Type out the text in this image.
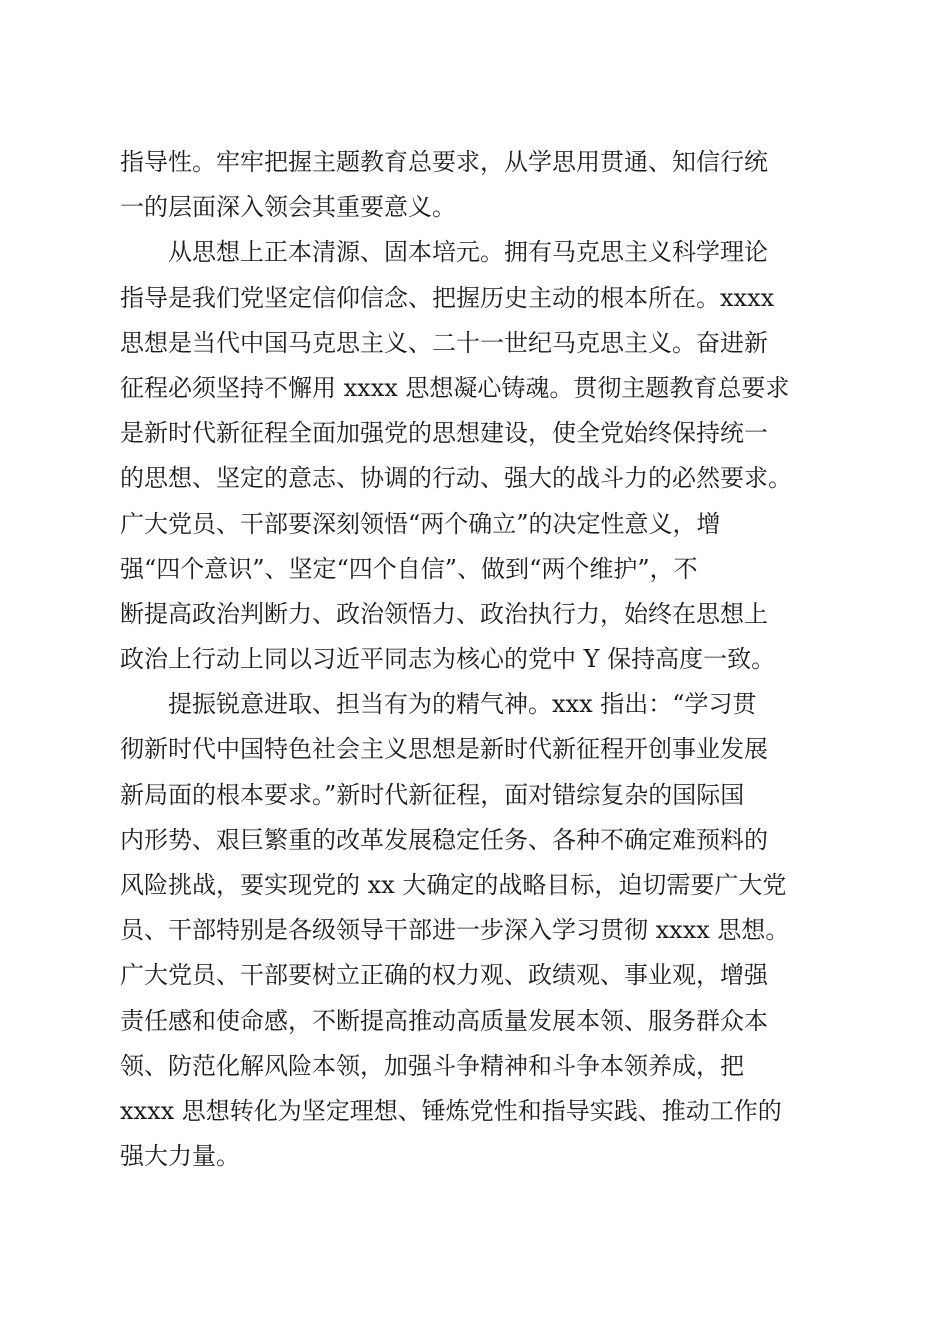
指导性。牢牢把握主题教育总要求，从学思用贯通、知信行统
一的层面深入领会其重要意义。
从思想上正本清源、固本培元。拥有马克思主义科学理论
指导是我们党坚定信仰信念、把握历史主动的根本所在。xxxx
思想是当代中国马克思主义、二十一世纪马克思主义。奋进新
征程必须坚持不懈用 xxxx 思想凝心铸魂。贯彻主题教育总要求
是新时代新征程全面加强党的思想建设，使全党始终保持统一
的思想、坚定的意志、协调的行动、强大的战斗力的必然要求。
广大党员、干部要深刻领悟“两个确立”的决定性意义，增
强“四个意识”、坚定“四个自信”、做到“两个维护”，不
断提高政治判断力、政治领悟力、政治执行力，始终在思想上
政治上行动上同以习近平同志为核心的党中 Y 保持高度一致。
提振锐意进取、担当有为的精气神。xxx 指出：“学习贯
彻新时代中国特色社会主义思想是新时代新征程开创事业发展
新局面的根本要求。”新时代新征程，面对错综复杂的国际国
内形势、艰巨繁重的改革发展稳定任务、各种不确定难预料的
风险挑战，要实现党的 xx 大确定的战略目标，迫切需要广大党
员、干部特别是各级领导干部进一步深入学习贯彻 xxxx 思想。
广大党员、干部要树立正确的权力观、政绩观、事业观，增强
责任感和使命感，不断提高推动高质量发展本领、服务群众本
领、防范化解风险本领，加强斗争精神和斗争本领养成，把
xxxx 思想转化为坚定理想、锤炼党性和指导实践、推动工作的
强大力量。
